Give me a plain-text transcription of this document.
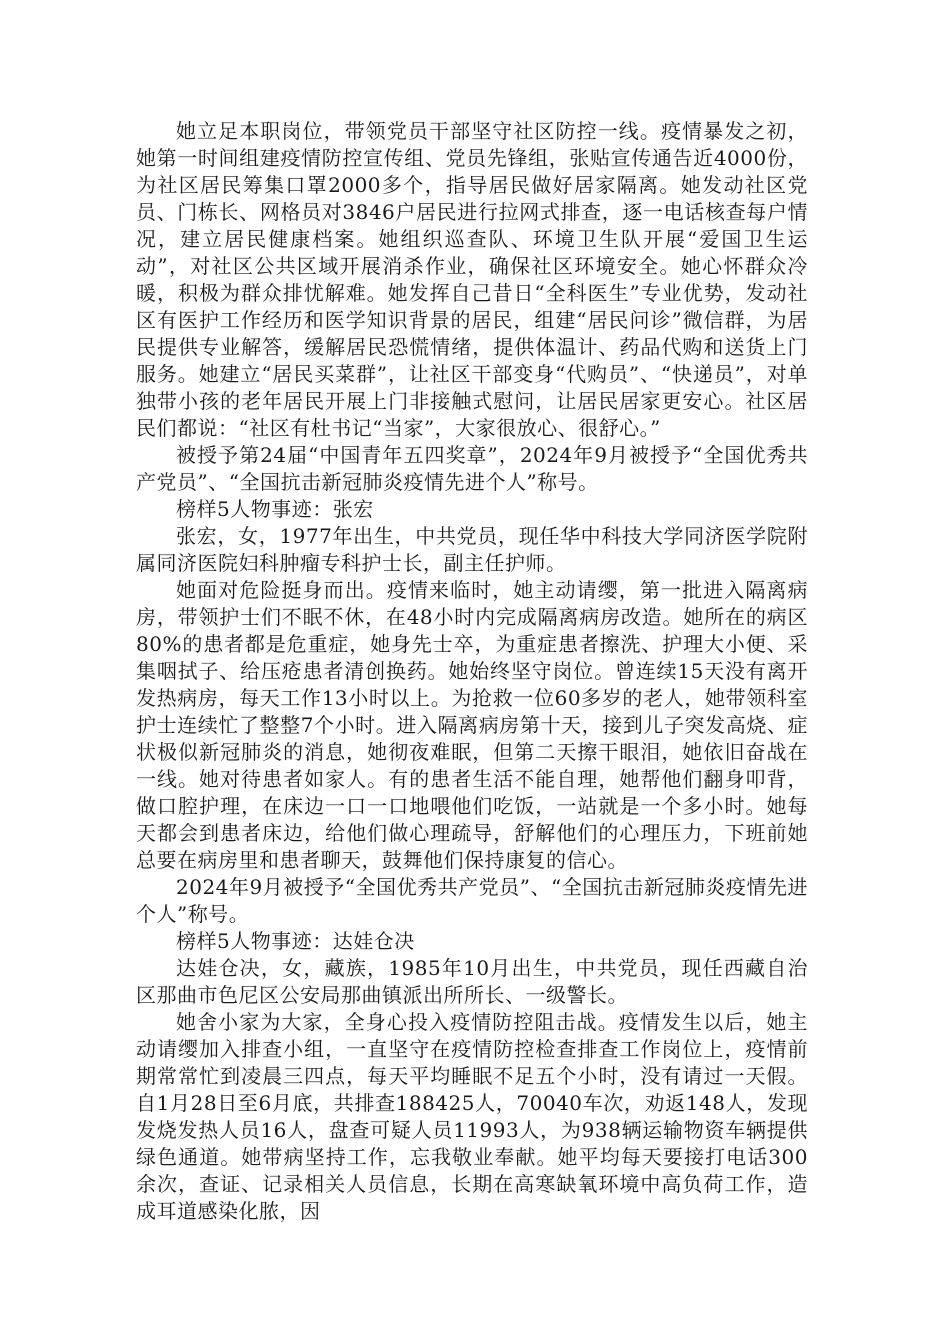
她立足本职岗位，带领党员干部坚守社区防控一线。疫情暴发之初，她第一时间组建疫情防控宣传组、党员先锋组，张贴宣传通告近4000份，为社区居民筹集口罩2000多个，指导居民做好居家隔离。她发动社区党员、门栋长、网格员对3846户居民进行拉网式排查，逐一电话核查每户情况，建立居民健康档案。她组织巡查队、环境卫生队开展“爱国卫生运动”，对社区公共区域开展消杀作业，确保社区环境安全。她心怀群众冷暖，积极为群众排忧解难。她发挥自己昔日“全科医生”专业优势，发动社区有医护工作经历和医学知识背景的居民，组建“居民问诊”微信群，为居民提供专业解答，缓解居民恐慌情绪，提供体温计、药品代购和送货上门服务。她建立“居民买菜群”，让社区干部变身“代购员”、“快递员”，对单独带小孩的老年居民开展上门非接触式慰问，让居民居家更安心。社区居民们都说：“社区有杜书记“当家”，大家很放心、很舒心。”

被授予第24届“中国青年五四奖章”，2024年9月被授予“全国优秀共产党员”、“全国抗击新冠肺炎疫情先进个人”称号。

榜样5人物事迹：张宏

张宏，女，1977年出生，中共党员，现任华中科技大学同济医学院附属同济医院妇科肿瘤专科护士长，副主任护师。

她面对危险挺身而出。疫情来临时，她主动请缨，第一批进入隔离病房，带领护士们不眠不休，在48小时内完成隔离病房改造。她所在的病区80%的患者都是危重症，她身先士卒，为重症患者擦洗、护理大小便、采集咽拭子、给压疮患者清创换药。她始终坚守岗位。曾连续15天没有离开发热病房，每天工作13小时以上。为抢救一位60多岁的老人，她带领科室护士连续忙了整整7个小时。进入隔离病房第十天，接到儿子突发高烧、症状极似新冠肺炎的消息，她彻夜难眠，但第二天擦干眼泪，她依旧奋战在一线。她对待患者如家人。有的患者生活不能自理，她帮他们翻身叩背，做口腔护理，在床边一口一口地喂他们吃饭，一站就是一个多小时。她每天都会到患者床边，给他们做心理疏导，舒解他们的心理压力，下班前她总要在病房里和患者聊天，鼓舞他们保持康复的信心。

2024年9月被授予“全国优秀共产党员”、“全国抗击新冠肺炎疫情先进个人”称号。

榜样5人物事迹：达娃仓决

达娃仓决，女，藏族，1985年10月出生，中共党员，现任西藏自治区那曲市色尼区公安局那曲镇派出所所长、一级警长。

她舍小家为大家，全身心投入疫情防控阻击战。疫情发生以后，她主动请缨加入排查小组，一直坚守在疫情防控检查排查工作岗位上，疫情前期常常忙到凌晨三四点，每天平均睡眠不足五个小时，没有请过一天假。自1月28日至6月底，共排查188425人，70040车次，劝返148人，发现发烧发热人员16人，盘查可疑人员11993人，为938辆运输物资车辆提供绿色通道。她带病坚持工作，忘我敬业奉献。她平均每天要接打电话300余次，查证、记录相关人员信息，长期在高寒缺氧环境中高负荷工作，造成耳道感染化脓，因
